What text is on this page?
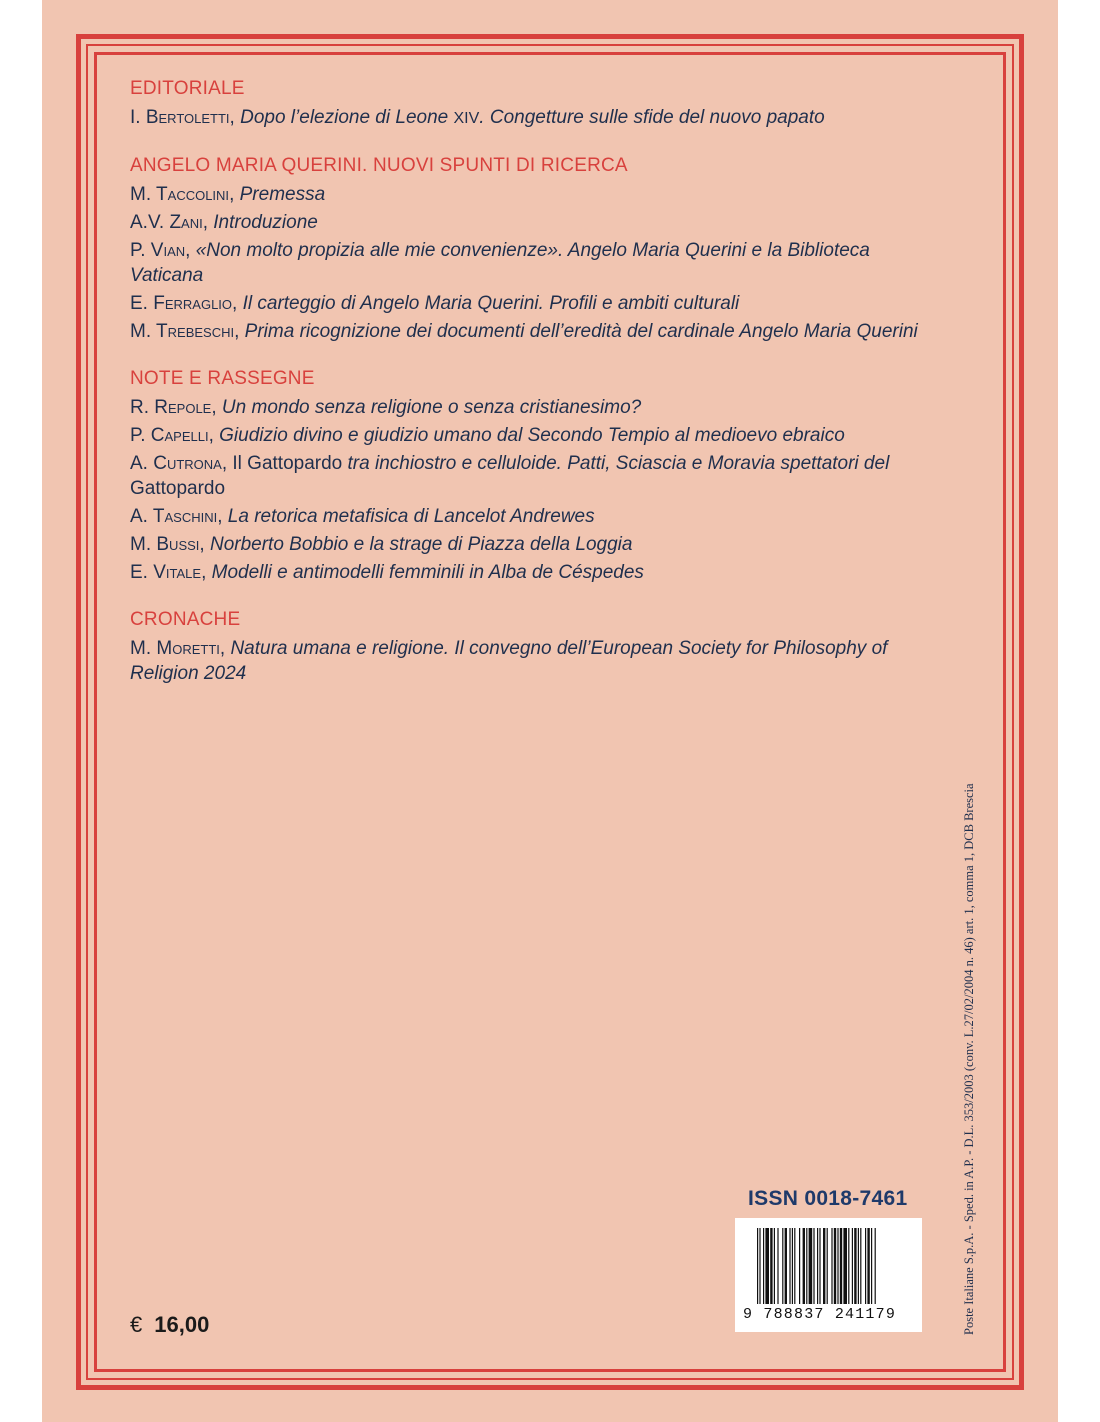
EDITORIALE
I. Bertoletti, Dopo l’elezione di Leone XIV. Congetture sulle sfide del nuovo papato
ANGELO MARIA QUERINI. NUOVI SPUNTI DI RICERCA
M. Taccolini, Premessa
A.V. Zani, Introduzione
P. Vian, «Non molto propizia alle mie convenienze». Angelo Maria Querini e la Biblioteca Vaticana
E. Ferraglio, Il carteggio di Angelo Maria Querini. Profili e ambiti culturali
M. Trebeschi, Prima ricognizione dei documenti dell’eredità del cardinale Angelo Maria Querini
NOTE E RASSEGNE
R. Repole, Un mondo senza religione o senza cristianesimo?
P. Capelli, Giudizio divino e giudizio umano dal Secondo Tempio al medioevo ebraico
A. Cutrona, Il Gattopardo tra inchiostro e celluloide. Patti, Sciascia e Moravia spettatori del Gattopardo
A. Taschini, La retorica metafisica di Lancelot Andrewes
M. Bussi, Norberto Bobbio e la strage di Piazza della Loggia
E. Vitale, Modelli e antimodelli femminili in Alba de Céspedes
CRONACHE
M. Moretti, Natura umana e religione. Il convegno dell’European Society for Philosophy of Religion 2024
ISSN 0018-7461
9 788837 241179
€ 16,00	Poste Italiane S.p.A. - Sped. in A.P. - D.L. 353/2003 (conv. L.27/02/2004 n. 46) art. 1, comma 1, DCB Brescia
